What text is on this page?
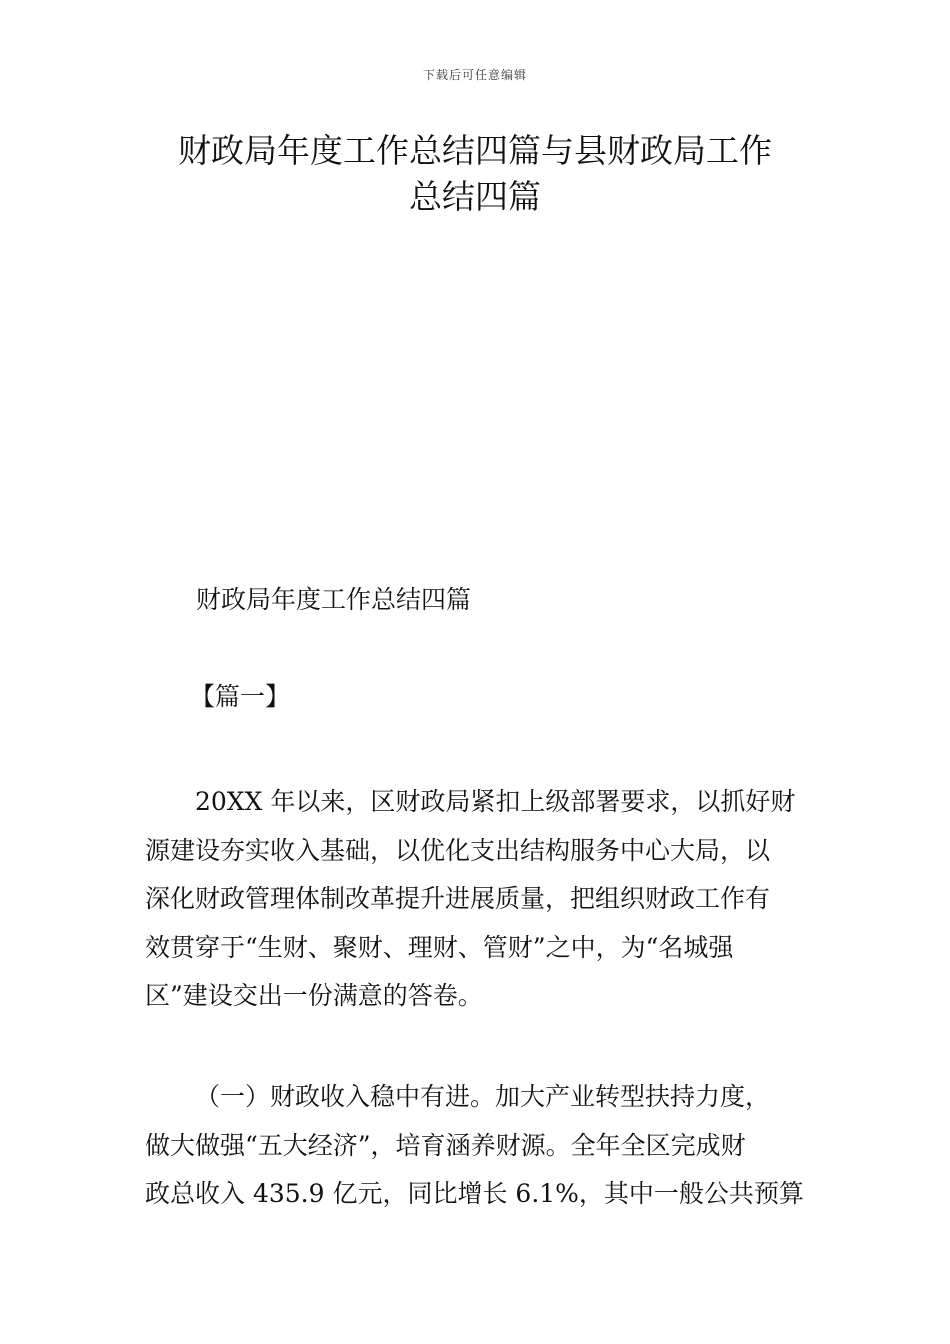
下载后可任意编辑
财政局年度工作总结四篇与县财政局工作
总结四篇

财政局年度工作总结四篇

【篇一】

20XX 年以来，区财政局紧扣上级部署要求，以抓好财
源建设夯实收入基础，以优化支出结构服务中心大局，以
深化财政管理体制改革提升进展质量，把组织财政工作有
效贯穿于“生财、聚财、理财、管财”之中，为“名城强
区”建设交出一份满意的答卷。

（一）财政收入稳中有进。加大产业转型扶持力度，
做大做强“五大经济”，培育涵养财源。全年全区完成财
政总收入 435.9 亿元，同比增长 6.1%，其中一般公共预算
